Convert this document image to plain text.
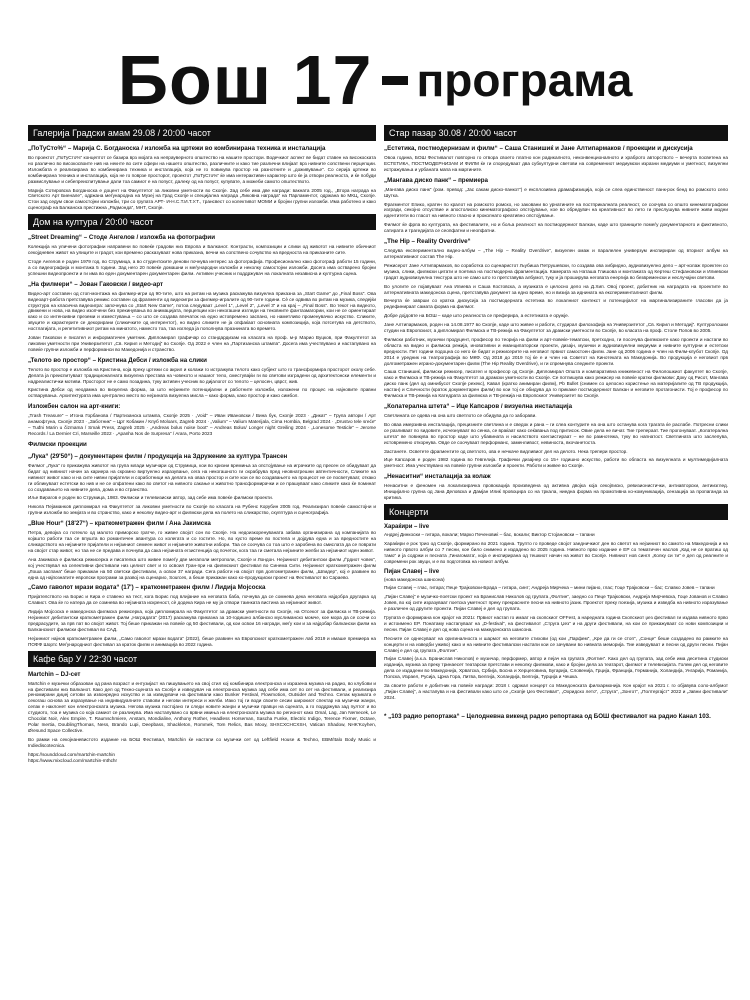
Бош 17 програма
Галерија Градски амам 29.08 / 20:00 часот
„ПоТуСто%“ – Марија С. Богданоска / изложба на цртежи во комбинирана техника и инсталација
Во проектот „ПоТуСто%“ концептот се базира врз мојата на непрауверното општество на нашите простори. Водечкиот аспект ве бидат ставен на високоската но различно во високосвоите нив на некнте во сите сфери на нашето општество, различните и како тие различни влијаат врз нивните сопствени перцепции. Изложбата е реализирана во комбинирана техника и инсталација, која не го повикува простор на разнотните и „доживување“. Со серија цртежи во комбинирана техника и инсталација, која не го поврзе просторот, проектот „ПоТуСто%“ ќе има интерактивен карактер што ќе ја отвори реалноста, и ќе побуди размислување и себепреиспитување дали тоа самиот е на попуст, далеку од на попуст, купувате, а можеби самото општеството.
Марија Сотировска Богданоска е доцент на Факултетот за ликовни уметности во Скопје. Зад себе има две награди: вакната 2005 год., „Втора награда на Светското Арт Биенале“, одржана меѓународна на Музеј на Град Скопје и специјална награда „Ликовна награда“ на Парламентот, одржана во МКЦ, Скопје. Стои зад седум свои самостојни изложби, три со групата АРТ- И-Н.С.Т.И.Т.У.Т., трансвест со колективот МОМИ и бројни групни изложби. Има работено и како сценограф на Балканска престижна „Радмонда“, МНТ, Скопје.
Дом на култура / 20:00 часот
„Street Dreaming“ – Стоде Ангелов / изложба на фотографии
Колекција на уличени фотографии направени во повеќе градови низ Европа и Балканот. Контрасти, композиции и слики од животот на нивните обичниот секојдневен живот на улиците и градот, кои времено расказуваат нова приказна, вечни на сопствено сочувство на вредноста на приказните сите.
Стоде Ангелов е роден 1979 год. во Струмица, а во студентските денови почнува интерес за фотографија. Професионално како фотограф работи 15 години, а со видеографија и монтажа 5 години. Зад него 20 повеќе домашни и меѓународни изложби и неколку самостојни изложби. Досега има остварено бројни успешни видеопроекти и ги има во еден документарен документарен филм. Активен учесник и поддржувач на локалната независна и културна сцена.
„На филмери“ – Јован Гаковски / видео-арт
Видео-арт составен од стоп-монтажа на филмер-игри од 90-тите, што на ритам на музика раскажува визуелна приказна за „Start Game“ до „Final Boss“. Ова видеоарт-работа претставува ремикс составен од фрагменти од видеоигри за филмер-игралите од 90-тите години. Сè се одвива во ритам на музика, следејќи структура на класична видеоигра: започнува со „Start New Game“, потоа следуваат „Level 1“, „Level 2“, „Level 3“ и на крај – „Final Boss“. Во текот на видеото, движени и нова, на видео изопчени без прекинувања во анимацијата, перцепции кон некогашни изгледи на тековните фантазмагории, кои не се ориентираат како и со интензивни преземи и изместувања – со што се создава впечаток на едно истовремено заспано, но наметливо променувачко искуство. Сликите, звуците и карактерите се декорирани (сликичките од интерентот), но видео сликите не ја опфаќаат основната композиција, која потсетува на детството, ностлагијата, и репетитивниот ритам на минатото, наместо тоа, таа изгледа ја пополнува празнината во времето.
Јован Гаковски е писател и информатичен уметник. Дипломирал графичар со стандардизам на класата на проф. м-р Марио Вуцков, при Факултетот за ликовни уметности при Универзитетот „Св. Кирил и Методиј“ во Скопје. Од 2022 е член на „Партизанска штампа“. Досега има учествувано и настапувано на повеќе групни изложби и перформанси во Македонија и странство.
„Телото во простор“ – Кристина Дебси / изложба на слики
Телото во простор е изложба на Кристина, која преку цртежи со акрил и колажи го истражува телото како субјект што го трансформира просторот околу себе. Делата ја преиспитуваат традиционалната визуелна престава на човекото и нашиот тело, сместувајќи ги во светови изградени од архитектонски елементи и надреалистички мотиви. Просторот не е само позадина, туку активен учесник во дијалогот со телото – целосен, цврст, жив.
Кристина Дебси од неодамна во визуелна форма, за што нејзините потенцијални и работните изложби, изложени по процес на најновите правни остварувања. Архитектурата има централно место во нејзината визуелна мисла – како форма, како простор и како симбол.
Изложбен салон на арт-книги:
„Trash Treasure“ – Итона Горбанова / Партизанска штампа, Скопје 2025 · „Void“ – Иван Ивановски / Вина бук, Скопје 2023 · „Дикат“ – Група автори / Арт анамофтуна, Скопје 2023 · „Заботник“ – Црт Кобакин / Клуб Moloars, Zagreb 2024 · „Valium“ – Valium Materijala, Cima Hombia, Belgrad 2024 · „Drustvo tele sreće“ – Tuđni Marin u čizmama / Smak Press, Zagreb 2025 · „Andreas bolus noise boot“ – Andreas Bolus/ Longer night Greiling 2024 · „Lonesome Testicle“ – Jerome Records / La Dernier Cri, Marseille 2022 · „Apanha Nos de Surpresa“ / Arara, Porto 2023
Филмски проекции
„Лука“ (29'50“) – документарен филм / продукција на Здружение за култура Трансен
Филмот „Лука“ го прикажува животот на група млади музичари од Струмица, кои во кризни времиња за опстојување на играчките од пресен се обидуваат да бидат од нивниот начин за кариера на скромно виртуелно изразување, сега на некогашното ги охрабрува пред неовнатрешни автентичности, Сликите на нивниот живот како и на сите нивни пријатели и соработници на делата на оваа простор и сите кои се во создавањето на процесот не се посветуваат, откако ги обликуваат естетски во нив и не се опфатени како во светот на нивното сакање и животно трансформирачки и се прашуваат како сликите како ќе поминат со создавањето на нивните дела, дома и во странство.
Иље Вирагов е роден во Струмица, 1983. Филмски и телевизиски автор, зад себе има повеќе филмски проекти.
Никола Пејаманков дипломирал на Факултетот за ликовни уметности во Скопје во класата на Рубенс Корубин 2005 год. Реализирал повеќе самостојни и групни изложби во земјата и во странство, како и неколку видео-арт и филмски дела на полето на сликарство, скулптура и сценографија.
„Blue Hour“ (18'27“) – краткометражен филм / Ана Јакимска
Петра, девојка со потекло од малото приморско гратче, го живее својот сон во Скопје. На недоизкоренуваната забава организирана од компанијата во којашто работи таа се впушта во романтичен авантура со колегата и со гостите. Но, во кусто време во постела и дојдува една и за вредностите на сликарството на нејзините пријатели и нејзиниот семеен живот и нејзините животни избори. Таа се соочува со тоа што е заробена во смислата да се поврати на својот стар живот, но таа не се предава и почнува да сака нејзината егзистенција од почеток, кога таа ги сметала нејзините желби за нејзиниот иден живот.
Ана Јакимска е филмска режисерка и писателка што живее помеѓу две мегаполи метрополи, Скопје и Лондон. Нејзиниот дебитантски филм „Ѓрдиот човек“, кој учествувал на селективни фестивали низ целиот свет и го освоил Гран-при на филмскиот фестивал во Синема Сити. Нејзиниот краткометражен филм „Лоша заспана“ беше прикажан на 50 светски фестивали, а освои 37 награди. Сега работи на својот прв долгометражен филм, „Шпидер“, кој е развиен во една од најпознатите европски програми за развој на сценарио, Sources, а беше прикажан како ко-продукциски проект на Фестивалот во Сараево.
„Само гаволот мрази водата“ (17') – краткометражен филм / Лидија Мојсоска
Пријателството на Борис и Кира е ставено на тест, кога Борис под влијание на неговата баба, почнува да се сомнева дека неговата најдобра другарка од Славист. Ова ќе го натера да се сомнева во нејзината искреност, сè додека Кира не му ја отвори таинката вистина за нејзиниот живот.
Лидија Мојсоска е македонска филмска режисерка, која дипломирала на Факултетот за драмски уметности во Скопје, на Отсекот за филмска и ТВ-режија. Нејзиниот дебитантски краткометражен филм „Наградата“ (2017) раскажува приказна за 10-годишно албанско муслиманско момче, кое мора да се соочи со предрасудите, за прв пат во својот живот. Тој беше прикажан на повеќе од 50 фестивали, од кои освои 16 награди, меѓу кои и за најдобар балкански филм на Балканскиот филмски фестивал во САД.
Нејзиниот најнов краткометражен филм, „Само гаволот мрази водата“ (2022), беше развиен на Европскиот краткометражен лаб 2019 и имаше премиера на ПОФФ Шортс Меѓународниот фестивал за краток филм и анимација во 2022 година.
Кафе бар У / 22:30 часот
Martchin – DJ-сет
Martchin е музички образован од рана возраст и ентузијаст на пишувањето на свој стил кој комбинира електронска и изразена музика на радио, во клубови и на фестивали низ Балканот. Како дел од Техно-сцената на Скопје и изведувач на електронска музика зад себе има сет по сет на фестивали, и реализира реномирани диџеј сетови за извонредно искуство и за изведувачи на фестивали како Bunker Festival, Flowmotion, Outsider and Techno. Сепак музиката е секогаш основа за изразување на индивидуалните ставови и негови интереси и желби. Иако тој ги води своите сесии широкиот спектар на музички жанри, сепак е наклонет кон електронската музика. Негова музика постојано ги следи новите жанри и музички правци на сцената, а го поддржува зад пултот и во студиото, тоа е музика со која самиот се разликува. Има настапувано со врвни имиња на електронската музика во регионот како Оmal, Lag, Jan Nemecek, Le Chocolat Noir, Alex Empire, T. Raumschmiere, Anstam, Mondialine, Anthony Rother, Headless Horseman, Sascha Funke, Electric Indigo, Terence Fixmer, Octave, Polar Inertia, DoublingThomas, Ness, Brando Lupi, Deepbass, Shackleton, Rommek, Tom Relics, Bas Mooy, SHXCXCHCXSH, Vatican Shadow, NHK'Koyhen, Øresund Space Collective.
Во рамки на секојнаневистото издание на БОШ Фестивал, Martchin ќе настапи со музички сет од Leftfield House & Techno, EBM/Italo Body Music и Indiedisсоtecnica.
https://soundcloud.com/martchin-martchin
https://www.mixcloud.com/martchin-mthchr
Стар пазар 30.08 / 20:00 часот
„Естетика, постмодернизам и филм“ – Саша Станишиќ и Јане Алтипармаков / проекции и дискусија
Овоа година, БОШ Фестивалот повторно го отвора своето платно кон радикалното, неконвенционалното и храброто авторството – вечерта посветена на ЕСТЕТИКА, ПОСТМОДЕРНИЗАМ И ФИЛМ ќе ги споредуваат два субкултурни светови на современиот медиумски изразни медиуми и уметност, визуелни истражувања и урбаната мапа на маргините.
„Мангава диско панк“ – премиера
„Мангава диско панк“ (ром. превод: „Јас сакам диско-панкот“) е експлозивна драмафизиција, која се слеа единственост панк-рок бенд во ромското село Шутка.
Фрагментот Епико, кратен по кралот на ромското ромско, но заковани во урнатините на постприкалната реалност, се соочува со општо кинематографски изгради, секојно отсуствие и апостолиско кинематографско опстојување, кое во обредувач на креативност во лето ги преслушува нивните живи модни идентитети во гласот на нивното гласно и проколнато креативно опстојување.
Филмот ќе фрла во културата, на фестивалите, но и боља реалност на постмодерниот Балкан, каде што границите помеѓу документарното и фиктивното, сатирата и трагедијата се сеопфатни и неопфатни.
„The Hip – Reality Overdrive“
Следува експериментално видео-албум – „The Hip – Reality Overdrive“, визуелен омаж и паралелен универзум инспириран од вториот албум на алтернативниот состав The Hip.
Режисерот Јане Алтипармаков, во соработка со сценаристот Љубиша Петрушевски, го создава ова хибридно, аудиовизуелно дело – арт-колаж проектен со музика, слики, филмски цитати и поетика на постмодерна фрагментација. Камерата на Наташа Глишова и монтажата од Кертеш Стефановски и Илиевски градат аудиовизуелна текстура што не само што го претставува албумот, туку и ја проширува неговата енергија во безвременски и неслучајни светови.
Во улогите се појавуваат Ана Илиева и Саша Костовска, а музиката е целосно дело на Д.Хип. Овој проект, добитник на наградата на проектите во алтернативната македонска сцена, претставува документ за едно време, но и визија за иднината на експерименталниот филм.
Вечерта ќе заврши со кратка дискусија за постмодерната естетика во локалниот контекст и потенцијалот на маргинализираните гласови да ја редефинираат самата форма на филмот.
Добре дојдовте на БОШ – каде што реалноста се преферира, а естетиката е оружје.
Јане Алтипармаков, роден на 14.08.1977 во Скопје, каде што живее и работи, студирал филозофија на Универзитетот „Св. Кирил и Методиј“. Културолошки студии на Европскиот, а дипломирал Филмска и ТВ-режија на Факултетот за драмски уметности во Скопје, во класата на проф. Столе Попов во 2005.
Филмски работник, музички продуцент, професор по теорија на филм и арт-повеќе-тематски, претходно, ги посочува филмските како проекти и настапи во областа на видео и филмска режија, иновативни и еманципаторски проекти, дизајн, музички и аудиовизуелни медиуми и нивните културни и естетски вредности. Пет години подоцна со него ќе бидат и режисерите на неговиот првиот самостоен филм. Јане од 2006 година е член на Филм-клубот Скопје. Од 2014 е уредник на театрографија во МКФ. Од 2018 до 2019 тој ќе е и член на Советот на Кинотеката на Македонија. Во продукција е неговиот прв долгометражен играно-документарен филм (The Hip Reality Overdrive), и ги спремнува следните проекти.
Саша Станишиќ, филмски режисер, писател и професор од Скопје. Дипломирал Општа и компаративна книжевност на Филолошкиот факултет во Скопје, како и Филмска и ТВ-режија на Факултетот за драмски уметности во Скопје. Се потпишува како режисер на повеќе кратки филмови: Доку од Рисот, Мангава диско панк (дел од омнибусот Скопје рехекс), Кавал (кратко анимиран филм), Рb Bullet (снимен со целосно користење на материјалите од ТВ продукција, настан) и Сличности (краток документарен филм) во кои тој се обидува да го прикаже постмодерниот Балкан и неговите протагонисти. Тој е професор по Филмска и ТВ-режија на Катедрата за филмска и ТВ-режија на Европскиот Универзитет во Скопје.
„Колатерална штета“ – Ице Капсаров / визуелна инсталација
Светлината се одева на она што светлото се обидува да го заборави.
Во оваа имерзивна инсталација, прецизните светлина и е сведок и рана – ги слеа контурите на она што останува кога трагата ќе раслабе. Потресни слики се разливаат по ѕидовите, исчезнуваат во сенка, се враќаат како сеќавања под притисок. Овие дела не вичат. Тие трепераат. Тие прогонуваат. „Колатерална штета“ ве повикува во простор каде што убавината и насилството коегзистираат – не во рамнотежа, туку во напнатост. Светлината што заслепува, истовремено откорнува. Овде се соочуваат перформанс, заменливост, невиноста, вкочанетоста.
Застанете. Осветете фрагментите од светлото, ова е нечкаче видливиот дел на делото. Нека трепери простор.
Ице Капсаров е роден 1982 година во Гевгелија. Графички дизајнер со 15+ годишно искуство, работи во областа на визуелната и мултимедијалната уметност. Има учествувано на повеќе групни изложби и проекти. Работи и живее во Скопје.
„Ненаситни“ инсталација за колаж
Ненаситни е феномен на локализирачка провокација произведена од активна двојка која секојписко, ревизионистички, антиавторски, антиизглед. Иницијално групна од Јана Деловска и Дамјан Илиќ провоцира со на тркала, ниедна форма на промотивна ко-комуникација, сензација за пропаганда за критика.
Концерти
Хараќири – live
Андреј Динкоски – гитара, вокали; Марко Печеновиќ – бас, вокали; Виктор Стојановски – тапани
Хараќири е рок трио од Скопје, формирано во 2021 година. Трупто го проведе својот заедничкиот ден во светот на нејзиниот во самото на Македонија и на нивното првото албум со 7 песни, кое било снимено и издадено во 2025 година. Нивното прво издание е EP со тематичен наслов „Кад не се вратиш од тамо“ и ја содржи и песната ‚Гинагомата‘, која е инспирирана од тешкиот начин на живот во Скопје. Нивниот нов сингл „Колку си ти“ е дел од реалните и современи рок звуци, и е во подготовка на новиот албум.
Пијан Славеј – live
(нова македонска шансона)
Пијан Славеј – глас, гитара; Пеце Трајковски-Брада – гитара, синт; Андреја Мирчека – мини пијано, глас; Гоце Трајковски – бас; Славко Јовев – тапани
„Пијан Славеј“ е музичко-поетски проект на Бранислав Николов од групата „Фолтин“, заедно со Пеце Трајковски, Андреја Мирчевска, Гоце Јованов и Славко Јовев, во кој сите изразуваат поетска уметност преку прекрасните песни на нивното јазик. Проектот преку поезија, музика и изведба на нивното изразување е различен од другите проекти. Пијан Славеј е дел од групата.
Групата е формирана кон крајот на 2021г. Првиот настап го имаат на скопскиот OFFest, а наредната година Скопскиот џез фестивал ги издава нивното прво и истоимено EP. Понатаму настапуваат на „D-festival“, на фестивалот „Струга Џез“ и на други фестивали, на кои се прикажуваат со нови композиции и песни. Пијан Славеј е дел од нова сцена на македонската шансона.
Песните се однесуваат на оригиналноста и шармот на неговите стихови (од кои „Парфем“, „Кре да ги се стоп“, „Сонце“ беше создадено во рамките на концерти и на изведби уживо) како и на нивните фестивалски настапи кои се зачувани во нивната меморија. Тие изведуваат и песни од други песни. Пијан Славеј е дел од групата „Фолтин“.
Пијан Славеј (а.к.а. Бранислав Николов) е музичар, перформер, автор и пејач на групата „Фолтин“. Како дел од групата, зад себе има десетина студиски изданија, музика за преку тринаесет театарски претстави и неколку филмови, како и бројни дела за театарот, филмот и телевизијата. Голем дел од неговите дела се издадени во Македонија, Хрватска, Србија, Босна и Херцеговина, Бугарија, Словенија, Грција, Франција, Германија, Холандија, Унгарија, Романија, Полска, Израел, Русија, Црна Гора, Литва, Белгија, Холандија, Белгија, Турција и Чешка.
За своите работи е добитник на повеќе награди: 2018 г. одржал концерт со Македонската филхармонија. Кон крајот на 2021 г. го објавува соло-албумот „Пијан Славеј“, а настапува и на фестивали како што се „Скопје Џез Фестивал“, „Охридско лето“, „Струга“, „Зонгот“, „Полтергајст“ 2022 и „Јавни фестивали“ 2024.
* „103 радио репортажа“ – Целодневна викенд радио репортажа од БОШ фестивалот на радио Канал 103.
